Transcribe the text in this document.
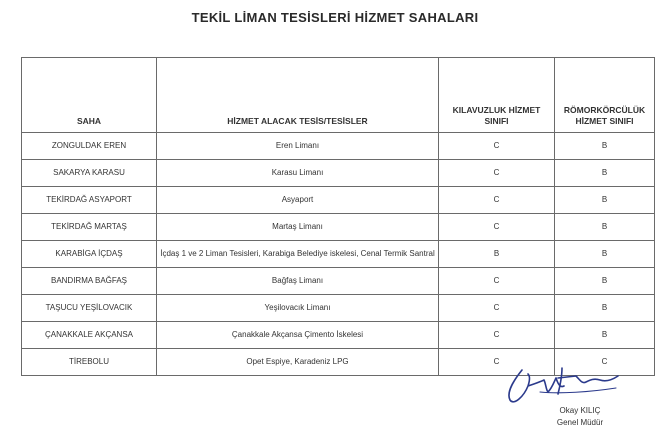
TEKİL LİMAN TESİSLERİ HİZMET SAHALARI
SAHA	HİZMET ALACAK TESİS/TESİSLER	KILAVUZLUK HİZMET SINIFI	RÖMORKÖRCÜLÜK HİZMET SINIFI
ZONGULDAK EREN	Eren Limanı	C	B
SAKARYA KARASU	Karasu Limanı	C	B
TEKİRDAĞ ASYAPORT	Asyaport	C	B
TEKİRDAĞ MARTAŞ	Martaş Limanı	C	B
KARABİGA İÇDAŞ	İçdaş 1 ve 2 Liman Tesisleri, Karabiga Belediye iskelesi, Cenal Termik Santral	B	B
BANDIRMA BAĞFAŞ	Bağfaş Limanı	C	B
TAŞUCU YEŞİLOVACIK	Yeşilovacık Limanı	C	B
ÇANAKKALE AKÇANSA	Çanakkale Akçansa Çimento İskelesi	C	B
TİREBOLU	Opet Espiye, Karadeniz LPG	C	C
Okay KILIÇ
Genel Müdür
